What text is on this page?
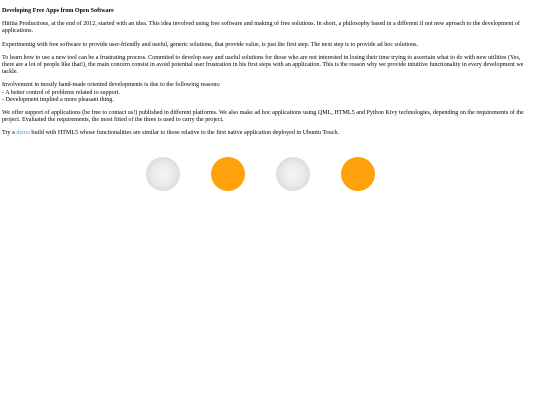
Developing Free Apps from Open Software

Hititia Productions, at the end of 2012, started with an idea. This idea involved using free software and making of free solutions. In short, a philosophy based in a different if not new aproach to the development of applications.

Experimentig with free software to provide user-friendly and useful, generic solutions, that provide value, is just the first step. The next step is to provide ad hoc solutions.

To learn how to use a new tool can be a frustrating process. Commited to develop easy and useful solutions for those who are not interested in losing their time trying to ascertain what to do with new utilities (Yes, there are a lot of people like that!), the main concern consist in avoid potential user frustration in his first steps with an application. This is the reason why we provide intuitive functionality in every development we tackle.

Involvement in mostly hand-made oriented developments is due to the following reasons:
- A better control of problems related to support.
- Development implied a more pleasant thing.

We offer support of applications (be free to contact us!) published in different platforms. We also make ad hoc applications using QML, HTML5 and Python Kivy technologies, depending on the requirements of the project. Evaluated the requirements, the most fitted of the three is used to carry the project.

Try a demo build with HTML5 whose functionalities are similar to those relative to the first native application deployed in Ubuntu Touch.
